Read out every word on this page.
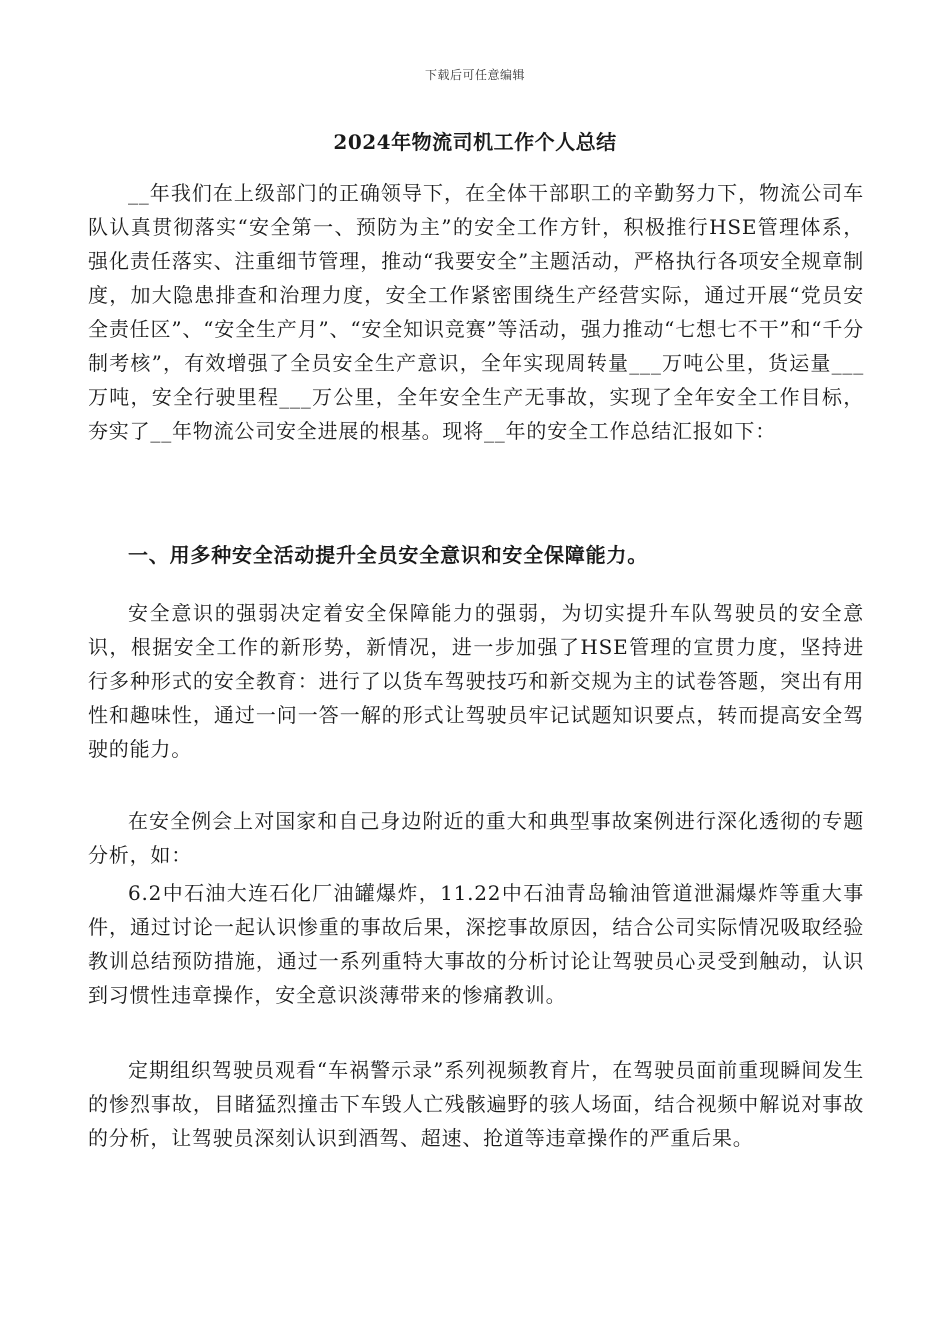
下载后可任意编辑
2024年物流司机工作个人总结

__年我们在上级部门的正确领导下，在全体干部职工的辛勤努力下，物流公司车队认真贯彻落实“安全第一、预防为主”的安全工作方针，积极推行HSE管理体系，强化责任落实、注重细节管理，推动“我要安全”主题活动，严格执行各项安全规章制度，加大隐患排查和治理力度，安全工作紧密围绕生产经营实际，通过开展“党员安全责任区”、“安全生产月”、“安全知识竞赛”等活动，强力推动“七想七不干”和“千分制考核”，有效增强了全员安全生产意识，全年实现周转量___万吨公里，货运量___万吨，安全行驶里程___万公里，全年安全生产无事故，实现了全年安全工作目标，夯实了__年物流公司安全进展的根基。现将__年的安全工作总结汇报如下：

一、用多种安全活动提升全员安全意识和安全保障能力。

安全意识的强弱决定着安全保障能力的强弱，为切实提升车队驾驶员的安全意识，根据安全工作的新形势，新情况，进一步加强了HSE管理的宣贯力度，坚持进行多种形式的安全教育：进行了以货车驾驶技巧和新交规为主的试卷答题，突出有用性和趣味性，通过一问一答一解的形式让驾驶员牢记试题知识要点，转而提高安全驾驶的能力。

在安全例会上对国家和自己身边附近的重大和典型事故案例进行深化透彻的专题分析，如：

6.2中石油大连石化厂油罐爆炸，11.22中石油青岛输油管道泄漏爆炸等重大事件，通过讨论一起认识惨重的事故后果，深挖事故原因，结合公司实际情况吸取经验教训总结预防措施，通过一系列重特大事故的分析讨论让驾驶员心灵受到触动，认识到习惯性违章操作，安全意识淡薄带来的惨痛教训。

定期组织驾驶员观看“车祸警示录”系列视频教育片，在驾驶员面前重现瞬间发生的惨烈事故，目睹猛烈撞击下车毁人亡残骸遍野的骇人场面，结合视频中解说对事故的分析，让驾驶员深刻认识到酒驾、超速、抢道等违章操作的严重后果。
